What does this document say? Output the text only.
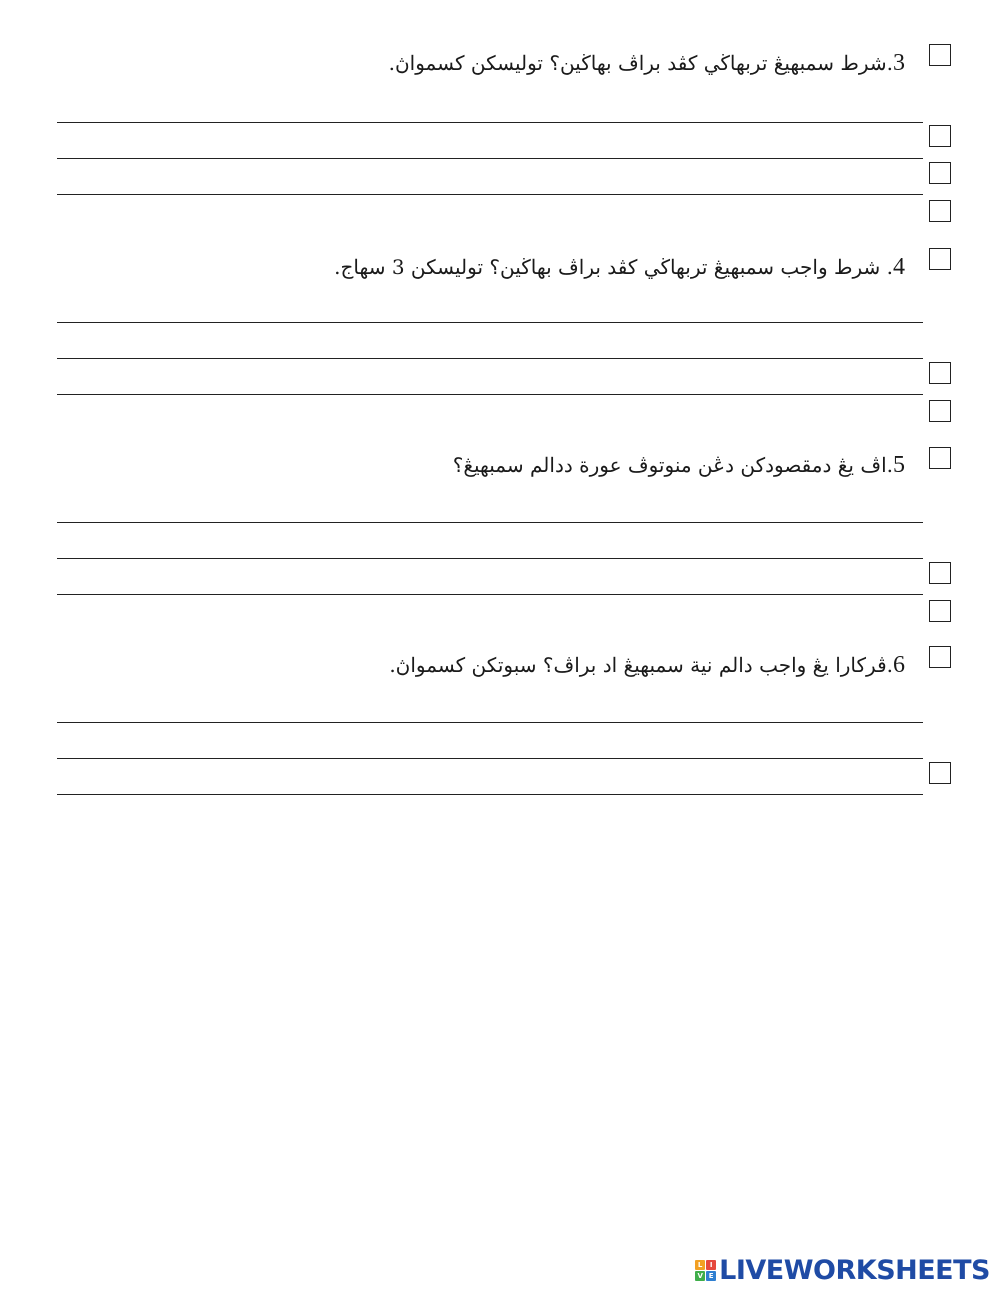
3.شرط سمبهيڠ تربهاڬي كڤد براڤ بهاڬين؟ توليسكن كسمواڽ.
4. شرط واجب سمبهيڠ تربهاڬي كڤد براڤ بهاڬين؟ توليسكن 3 سهاج.
5.اڤ يڠ دمقصودكن دڠن منوتوڤ عورة ددالم سمبهيڠ؟
6.ڤركارا يڠ واجب دالم نية سمبهيڠ اد براڤ؟ سبوتكن كسمواڽ.
L	I
V E LIVEWORKSHEETS
